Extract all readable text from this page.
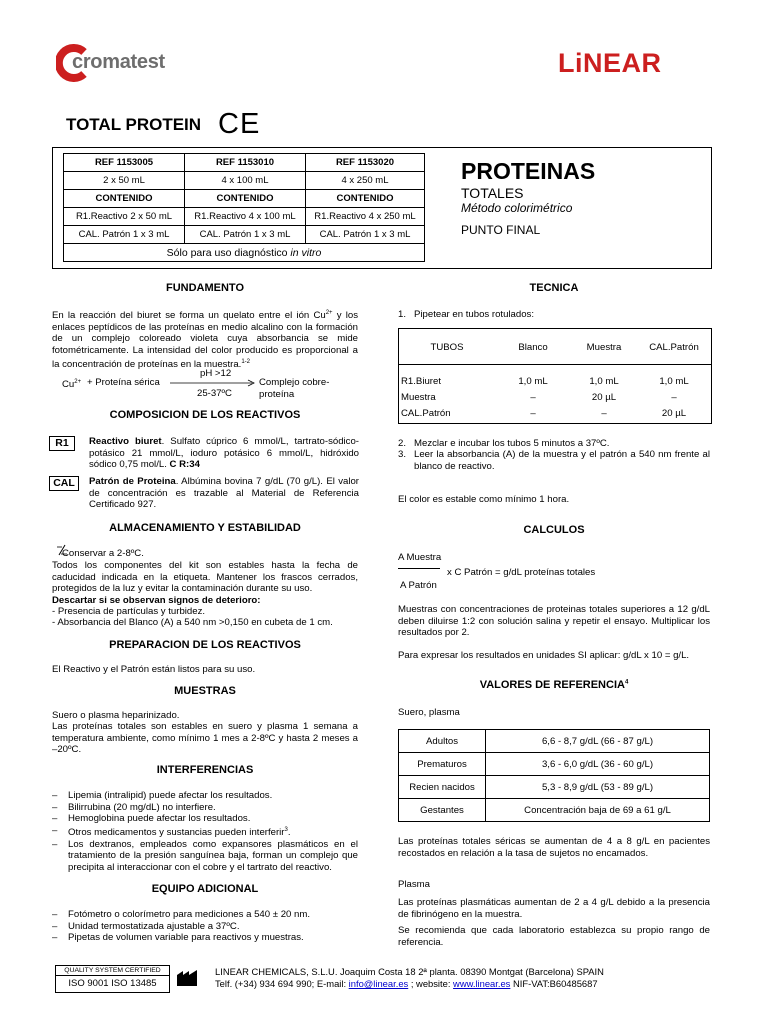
cromatest	LiNEAR
TOTAL PROTEIN CE
REF 1153005	REF 1153010	REF 1153020
2 x 50 mL	4 x 100 mL	4 x 250 mL
CONTENIDO	CONTENIDO	CONTENIDO
R1.Reactivo 2 x 50 mL	R1.Reactivo 4 x 100 mL	R1.Reactivo 4 x 250 mL
CAL. Patrón 1 x 3 mL	CAL. Patrón 1 x 3 mL	CAL. Patrón 1 x 3 mL
Sólo para uso diagnóstico in vitro		
PROTEINAS
TOTALES
Método colorimétrico
PUNTO FINAL
FUNDAMENTO
En la reacción del biuret se forma un quelato entre el ión $Cu^{2+}$ y los enlaces peptídicos de las proteínas en medio alcalino con la formación de un complejo coloreado violeta cuya absorbancia se mide fotométricamente. La intensidad del color producido es proporcional a la concentración de proteínas en la muestra.$^{1-2}$
$Cu^{2+}$ + Proteína sérica
pH >12
25-37ºC
Complejo cobre-proteína
COMPOSICION DE LOS REACTIVOS
R1	Reactivo biuret. Sulfato cúprico 6 mmol/L, tartrato-sódico-potásico 21 mmol/L, ioduro potásico 6 mmol/L, hidróxido sódico 0,75 mol/L. C R:34
CAL	Patrón de Proteina. Albúmina bovina 7 g/dL (70 g/L). El valor de concentración es trazable al Material de Referencia Certificado 927.
ALMACENAMIENTO Y ESTABILIDAD
Conservar a 2-8ºC.
Todos los componentes del kit son estables hasta la fecha de caducidad indicada en la etiqueta. Mantener los frascos cerrados, protegidos de la luz y evitar la contaminación durante su uso.
Descartar si se observan signos de deterioro:
- Presencia de partículas y turbidez.
- Absorbancia del Blanco (A) a 540 nm >0,150 en cubeta de 1 cm.
PREPARACION DE LOS REACTIVOS
El Reactivo y el Patrón están listos para su uso.
MUESTRAS
Suero o plasma heparinizado.
Las proteínas totales son estables en suero y plasma 1 semana a temperatura ambiente, como mínimo 1 mes a 2-8ºC y hasta 2 meses a –20ºC.
INTERFERENCIAS
– Lipemia (intralipid) puede afectar los resultados.
– Bilirrubina (20 mg/dL) no interfiere.
– Hemoglobina puede afectar los resultados.
– Otros medicamentos y sustancias pueden interferir$^3$.
– Los dextranos, empleados como expansores plasmáticos en el tratamiento de la presión sanguínea baja, forman un complejo que precipita al interaccionar con el cobre y el tartrato del reactivo.
EQUIPO ADICIONAL
– Fotómetro o colorímetro para mediciones a 540 ± 20 nm.
– Unidad termostatizada ajustable a 37ºC.
– Pipetas de volumen variable para reactivos y muestras.
TECNICA
1.   Pipetear en tubos rotulados:
TUBOS	Blanco	Muestra	CAL.Patrón

R1.Biuret	1,0 mL	1,0 mL	1,0 mL
Muestra	–	20 µL	–
CAL.Patrón	–	–	20 µL
2.   Mezclar e incubar los tubos 5 minutos a 37ºC.
3. Leer la absorbancia (A) de la muestra y el patrón a 540 nm frente al blanco de reactivo.
El color es estable como mínimo 1 hora.
CALCULOS
A Muestra
A Patrón
x C Patrón = g/dL proteínas totales
Muestras con concentraciones de proteinas totales superiores a 12 g/dL deben diluirse 1:2 con solución salina y repetir el ensayo. Multiplicar los resultados por 2.
Para expresar los resultados en unidades SI aplicar: g/dL x 10 = g/L.
VALORES DE REFERENCIA$^4$
Suero, plasma
Adultos	6,6 - 8,7 g/dL (66 - 87 g/L)
Prematuros	3,6 - 6,0 g/dL (36 - 60 g/L)
Recien nacidos	5,3 - 8,9 g/dL (53 - 89 g/L)
Gestantes	Concentración baja de 69 a 61 g/L
Las proteínas totales séricas se aumentan de 4 a 8 g/L en pacientes recostados en relación a la tasa de sujetos no encamados.
Plasma
Las proteínas plasmáticas aumentan de 2 a 4 g/L debido a la presencia de fibrinógeno en la muestra.
Se recomienda que cada laboratorio establezca su propio rango de referencia.
QUALITY SYSTEM CERTIFIED
ISO 9001 ISO 13485
LINEAR CHEMICALS, S.L.U. Joaquim Costa 18 2ª planta. 08390 Montgat (Barcelona) SPAIN
Telf. (+34) 934 694 990; E-mail: info@linear.es ; website: www.linear.es NIF-VAT:B60485687
